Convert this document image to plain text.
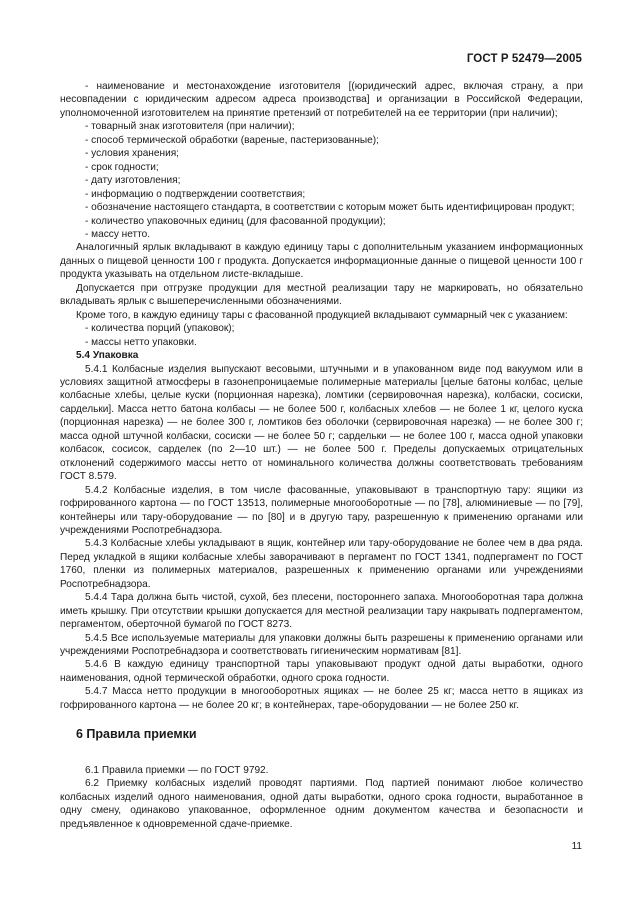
ГОСТ Р 52479—2005

- наименование и местонахождение изготовителя [(юридический адрес, включая страну, а при несовпадении с юридическим адресом адреса производства] и организации в Российской Федерации, уполномоченной изготовителем на принятие претензий от потребителей на ее территории (при наличии);

- товарный знак изготовителя (при наличии);

- способ термической обработки (вареные, пастеризованные);

- условия хранения;

- срок годности;

- дату изготовления;

- информацию о подтверждении соответствия;

- обозначение настоящего стандарта, в соответствии с которым может быть идентифицирован продукт;

- количество упаковочных единиц (для фасованной продукции);

- массу нетто.

Аналогичный ярлык вкладывают в каждую единицу тары с дополнительным указанием информационных данных о пищевой ценности 100 г продукта. Допускается информационные данные о пищевой ценности 100 г продукта указывать на отдельном листе-вкладыше.

Допускается при отгрузке продукции для местной реализации тару не маркировать, но обязательно вкладывать ярлык с вышеперечисленными обозначениями.

Кроме того, в каждую единицу тары с фасованной продукцией вкладывают суммарный чек с указанием:

- количества порций (упаковок);

- массы нетто упаковки.

5.4 Упаковка

5.4.1 Колбасные изделия выпускают весовыми, штучными и в упакованном виде под вакуумом или в условиях защитной атмосферы в газонепроницаемые полимерные материалы [целые батоны колбас, целые колбасные хлебы, целые куски (порционная нарезка), ломтики (сервировочная нарезка), колбаски, сосиски, сардельки]. Масса нетто батона колбасы — не более 500 г, колбасных хлебов — не более 1 кг, целого куска (порционная нарезка) — не более 300 г, ломтиков без оболочки (сервировочная нарезка) — не более 300 г; масса одной штучной колбаски, сосиски — не более 50 г; сардельки — не более 100 г, масса одной упаковки колбасок, сосисок, сарделек (по 2—10 шт.) — не более 500 г. Пределы допускаемых отрицательных отклонений содержимого массы нетто от номинального количества должны соответствовать требованиям ГОСТ 8.579.

5.4.2 Колбасные изделия, в том числе фасованные, упаковывают в транспортную тару: ящики из гофрированного картона — по ГОСТ 13513, полимерные многооборотные — по [78], алюминиевые — по [79], контейнеры или тару-оборудование — по [80] и в другую тару, разрешенную к применению органами или учреждениями Роспотребнадзора.

5.4.3 Колбасные хлебы укладывают в ящик, контейнер или тару-оборудование не более чем в два ряда. Перед укладкой в ящики колбасные хлебы заворачивают в пергамент по ГОСТ 1341, подпергамент по ГОСТ 1760, пленки из полимерных материалов, разрешенных к применению органами или учреждениями Роспотребнадзора.

5.4.4 Тара должна быть чистой, сухой, без плесени, постороннего запаха. Многооборотная тара должна иметь крышку. При отсутствии крышки допускается для местной реализации тару накрывать подпергаментом, пергаментом, оберточной бумагой по ГОСТ 8273.

5.4.5 Все используемые материалы для упаковки должны быть разрешены к применению органами или учреждениями Роспотребнадзора и соответствовать гигиеническим нормативам [81].

5.4.6 В каждую единицу транспортной тары упаковывают продукт одной даты выработки, одного наименования, одной термической обработки, одного срока годности.

5.4.7 Масса нетто продукции в многооборотных ящиках — не более 25 кг; масса нетто в ящиках из гофрированного картона — не более 20 кг; в контейнерах, таре-оборудовании — не более 250 кг.

6 Правила приемки

6.1 Правила приемки — по ГОСТ 9792.

6.2 Приемку колбасных изделий проводят партиями. Под партией понимают любое количество колбасных изделий одного наименования, одной даты выработки, одного срока годности, выработанное в одну смену, одинаково упакованное, оформленное одним документом качества и безопасности и предъявленное к одновременной сдаче-приемке.

11
